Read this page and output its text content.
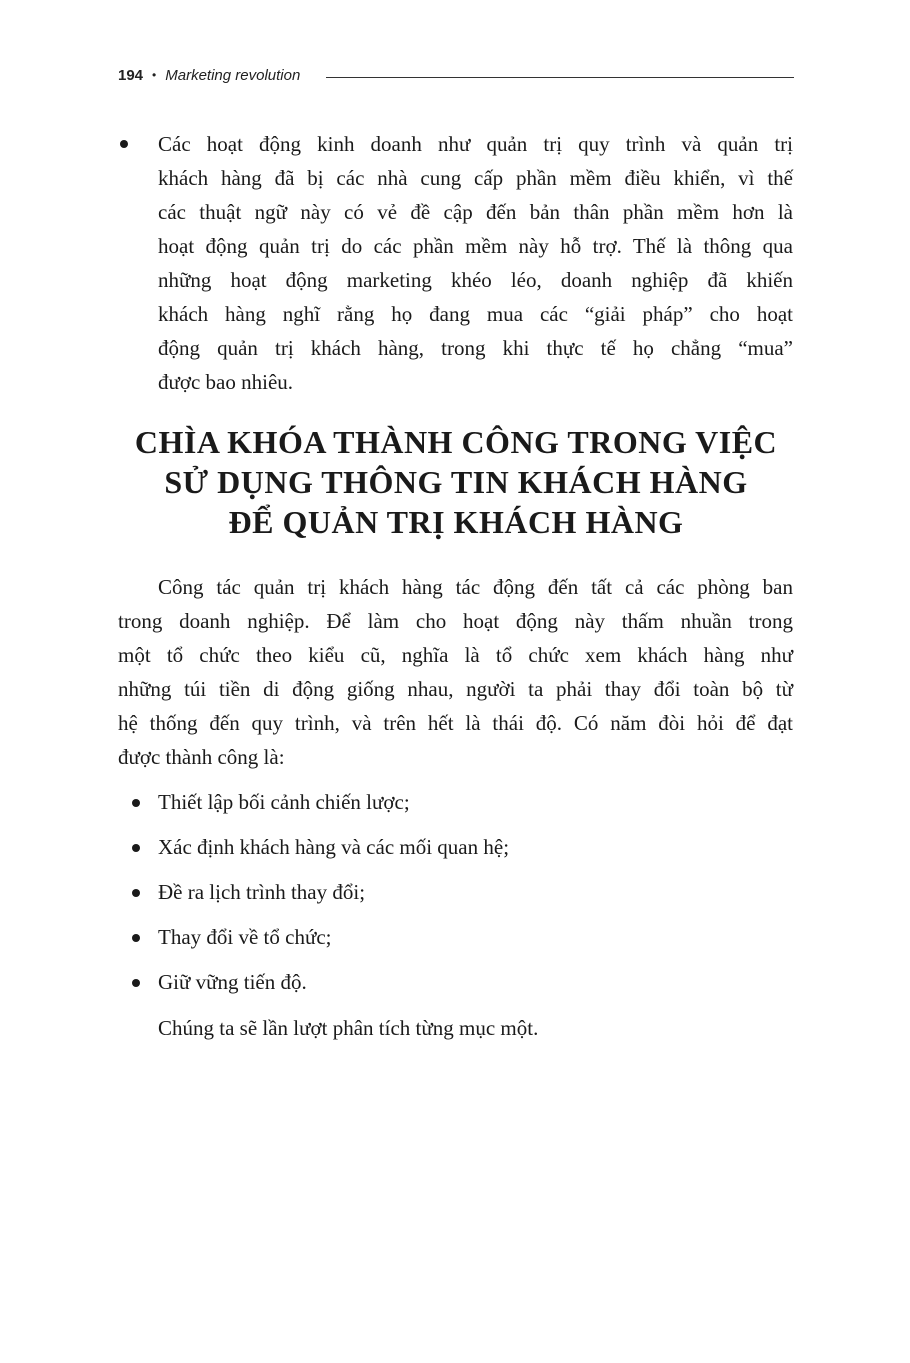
194 • Marketing revolution
Các hoạt động kinh doanh như quản trị quy trình và quản trị
khách hàng đã bị các nhà cung cấp phần mềm điều khiển, vì thế
các thuật ngữ này có vẻ đề cập đến bản thân phần mềm hơn là
hoạt động quản trị do các phần mềm này hỗ trợ. Thế là thông qua
những hoạt động marketing khéo léo, doanh nghiệp đã khiến
khách hàng nghĩ rằng họ đang mua các “giải pháp” cho hoạt
động quản trị khách hàng, trong khi thực tế họ chẳng “mua”
được bao nhiêu.
CHÌA KHÓA THÀNH CÔNG TRONG VIỆC
SỬ DỤNG THÔNG TIN KHÁCH HÀNG
ĐỂ QUẢN TRỊ KHÁCH HÀNG
Công tác quản trị khách hàng tác động đến tất cả các phòng ban
trong doanh nghiệp. Để làm cho hoạt động này thấm nhuần trong
một tổ chức theo kiểu cũ, nghĩa là tổ chức xem khách hàng như
những túi tiền di động giống nhau, người ta phải thay đổi toàn bộ từ
hệ thống đến quy trình, và trên hết là thái độ. Có năm đòi hỏi để đạt
được thành công là:
Thiết lập bối cảnh chiến lược;
Xác định khách hàng và các mối quan hệ;
Đề ra lịch trình thay đổi;
Thay đổi về tổ chức;
Giữ vững tiến độ.

Chúng ta sẽ lần lượt phân tích từng mục một.
